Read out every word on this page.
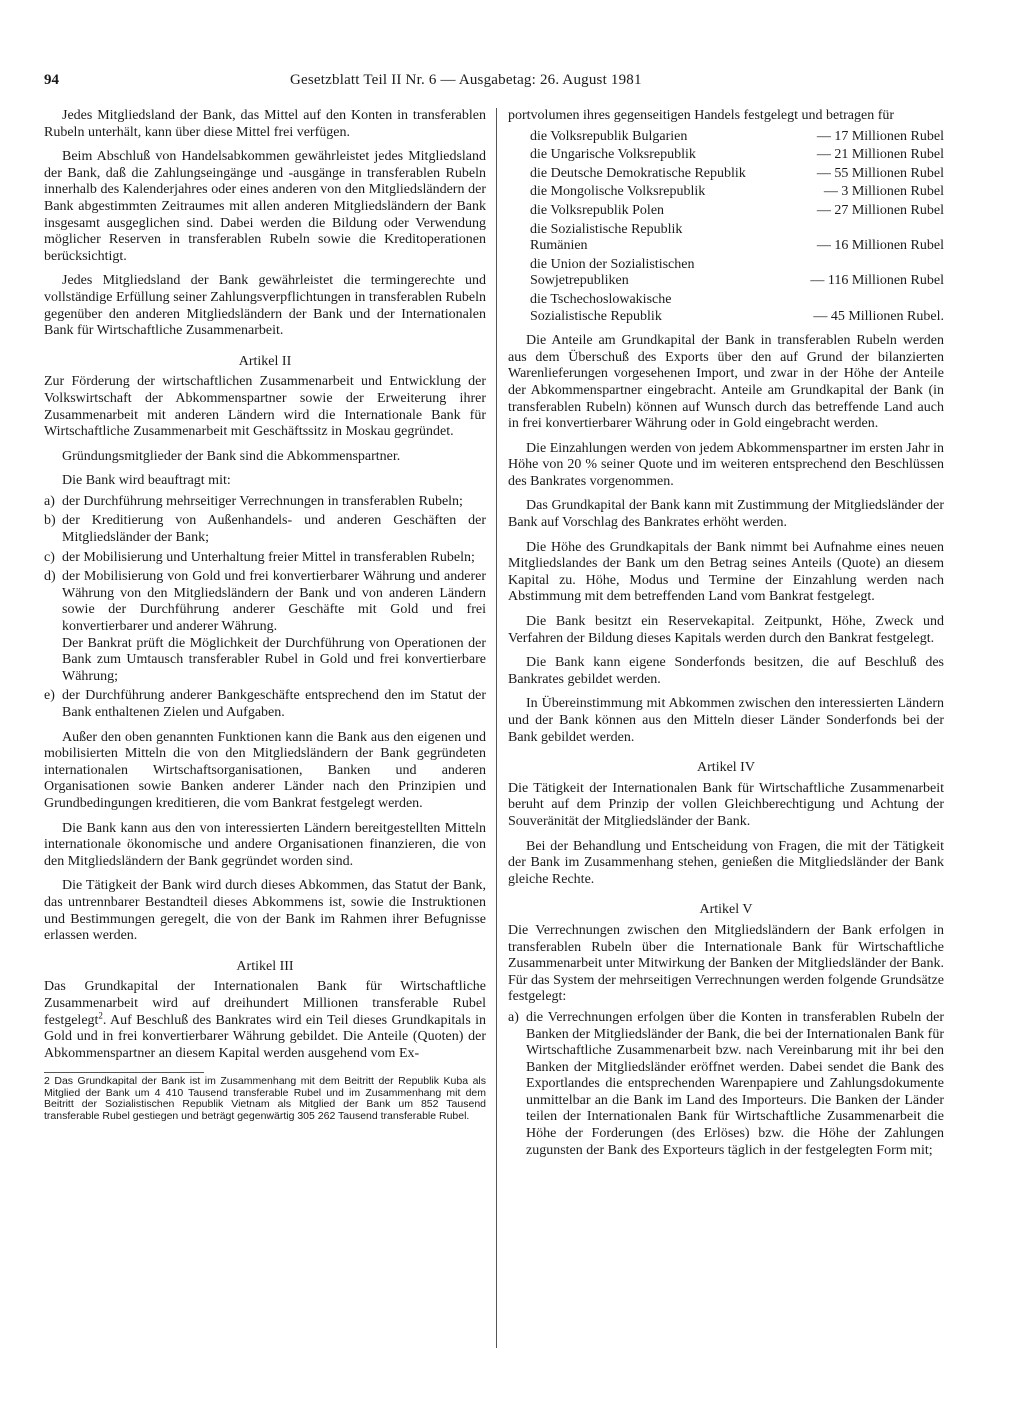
94	Gesetzblatt Teil II Nr. 6 — Ausgabetag: 26. August 1981

Jedes Mitgliedsland der Bank, das Mittel auf den Konten in transferablen Rubeln unterhält, kann über diese Mittel frei verfügen.

Beim Abschluß von Handelsabkommen gewährleistet jedes Mitgliedsland der Bank, daß die Zahlungseingänge und -ausgänge in transferablen Rubeln innerhalb des Kalenderjahres oder eines anderen von den Mitgliedsländern der Bank abgestimmten Zeitraumes mit allen anderen Mitgliedsländern der Bank insgesamt ausgeglichen sind. Dabei werden die Bildung oder Verwendung möglicher Reserven in transferablen Rubeln sowie die Kreditoperationen berücksichtigt.

Jedes Mitgliedsland der Bank gewährleistet die termingerechte und vollständige Erfüllung seiner Zahlungsverpflichtungen in transferablen Rubeln gegenüber den anderen Mitgliedsländern der Bank und der Internationalen Bank für Wirtschaftliche Zusammenarbeit.

Artikel II

Zur Förderung der wirtschaftlichen Zusammenarbeit und Entwicklung der Volkswirtschaft der Abkommenspartner sowie der Erweiterung ihrer Zusammenarbeit mit anderen Ländern wird die Internationale Bank für Wirtschaftliche Zusammenarbeit mit Geschäftssitz in Moskau gegründet.

Gründungsmitglieder der Bank sind die Abkommenspartner.

Die Bank wird beauftragt mit:

a) der Durchführung mehrseitiger Verrechnungen in transferablen Rubeln;
b) der Kreditierung von Außenhandels- und anderen Geschäften der Mitgliedsländer der Bank;
c) der Mobilisierung und Unterhaltung freier Mittel in transferablen Rubeln;
d) der Mobilisierung von Gold und frei konvertierbarer Währung und anderer Währung von den Mitgliedsländern der Bank und von anderen Ländern sowie der Durchführung anderer Geschäfte mit Gold und frei konvertierbarer und anderer Währung.
Der Bankrat prüft die Möglichkeit der Durchführung von Operationen der Bank zum Umtausch transferabler Rubel in Gold und frei konvertierbare Währung;
e) der Durchführung anderer Bankgeschäfte entsprechend den im Statut der Bank enthaltenen Zielen und Aufgaben.

Außer den oben genannten Funktionen kann die Bank aus den eigenen und mobilisierten Mitteln die von den Mitgliedsländern der Bank gegründeten internationalen Wirtschaftsorganisationen, Banken und anderen Organisationen sowie Banken anderer Länder nach den Prinzipien und Grundbedingungen kreditieren, die vom Bankrat festgelegt werden.

Die Bank kann aus den von interessierten Ländern bereitgestellten Mitteln internationale ökonomische und andere Organisationen finanzieren, die von den Mitgliedsländern der Bank gegründet worden sind.

Die Tätigkeit der Bank wird durch dieses Abkommen, das Statut der Bank, das untrennbarer Bestandteil dieses Abkommens ist, sowie die Instruktionen und Bestimmungen geregelt, die von der Bank im Rahmen ihrer Befugnisse erlassen werden.

Artikel III

Das Grundkapital der Internationalen Bank für Wirtschaftliche Zusammenarbeit wird auf dreihundert Millionen transferable Rubel festgelegt$^2$. Auf Beschluß des Bankrates wird ein Teil dieses Grundkapitals in Gold und in frei konvertierbarer Währung gebildet. Die Anteile (Quoten) der Abkommenspartner an diesem Kapital werden ausgehend vom Ex-

2 Das Grundkapital der Bank ist im Zusammenhang mit dem Beitritt der Republik Kuba als Mitglied der Bank um 4 410 Tausend transferable Rubel und im Zusammenhang mit dem Beitritt der Sozialistischen Republik Vietnam als Mitglied der Bank um 852 Tausend transferable Rubel gestiegen und beträgt gegenwärtig 305 262 Tausend transferable Rubel.

portvolumen ihres gegenseitigen Handels festgelegt und betragen für

die Volksrepublik Bulgarien	— 17 Millionen Rubel
die Ungarische Volksrepublik	— 21 Millionen Rubel
die Deutsche Demokratische Republik	— 55 Millionen Rubel
die Mongolische Volksrepublik	— 3 Millionen Rubel
die Volksrepublik Polen	— 27 Millionen Rubel
die Sozialistische Republik Rumänien	— 16 Millionen Rubel
die Union der Sozialistischen Sowjetrepubliken	— 116 Millionen Rubel
die Tschechoslowakische Sozialistische Republik	— 45 Millionen Rubel.

Die Anteile am Grundkapital der Bank in transferablen Rubeln werden aus dem Überschuß des Exports über den auf Grund der bilanzierten Warenlieferungen vorgesehenen Import, und zwar in der Höhe der Anteile der Abkommenspartner eingebracht. Anteile am Grundkapital der Bank (in transferablen Rubeln) können auf Wunsch durch das betreffende Land auch in frei konvertierbarer Währung oder in Gold eingebracht werden.

Die Einzahlungen werden von jedem Abkommenspartner im ersten Jahr in Höhe von 20 % seiner Quote und im weiteren entsprechend den Beschlüssen des Bankrates vorgenommen.

Das Grundkapital der Bank kann mit Zustimmung der Mitgliedsländer der Bank auf Vorschlag des Bankrates erhöht werden.

Die Höhe des Grundkapitals der Bank nimmt bei Aufnahme eines neuen Mitgliedslandes der Bank um den Betrag seines Anteils (Quote) an diesem Kapital zu. Höhe, Modus und Termine der Einzahlung werden nach Abstimmung mit dem betreffenden Land vom Bankrat festgelegt.

Die Bank besitzt ein Reservekapital. Zeitpunkt, Höhe, Zweck und Verfahren der Bildung dieses Kapitals werden durch den Bankrat festgelegt.

Die Bank kann eigene Sonderfonds besitzen, die auf Beschluß des Bankrates gebildet werden.

In Übereinstimmung mit Abkommen zwischen den interessierten Ländern und der Bank können aus den Mitteln dieser Länder Sonderfonds bei der Bank gebildet werden.

Artikel IV

Die Tätigkeit der Internationalen Bank für Wirtschaftliche Zusammenarbeit beruht auf dem Prinzip der vollen Gleichberechtigung und Achtung der Souveränität der Mitgliedsländer der Bank.

Bei der Behandlung und Entscheidung von Fragen, die mit der Tätigkeit der Bank im Zusammenhang stehen, genießen die Mitgliedsländer der Bank gleiche Rechte.

Artikel V

Die Verrechnungen zwischen den Mitgliedsländern der Bank erfolgen in transferablen Rubeln über die Internationale Bank für Wirtschaftliche Zusammenarbeit unter Mitwirkung der Banken der Mitgliedsländer der Bank. Für das System der mehrseitigen Verrechnungen werden folgende Grundsätze festgelegt:

a) die Verrechnungen erfolgen über die Konten in transferablen Rubeln der Banken der Mitgliedsländer der Bank, die bei der Internationalen Bank für Wirtschaftliche Zusammenarbeit bzw. nach Vereinbarung mit ihr bei den Banken der Mitgliedsländer eröffnet werden. Dabei sendet die Bank des Exportlandes die entsprechenden Warenpapiere und Zahlungsdokumente unmittelbar an die Bank im Land des Importeurs. Die Banken der Länder teilen der Internationalen Bank für Wirtschaftliche Zusammenarbeit die Höhe der Forderungen (des Erlöses) bzw. die Höhe der Zahlungen zugunsten der Bank des Exporteurs täglich in der festgelegten Form mit;
